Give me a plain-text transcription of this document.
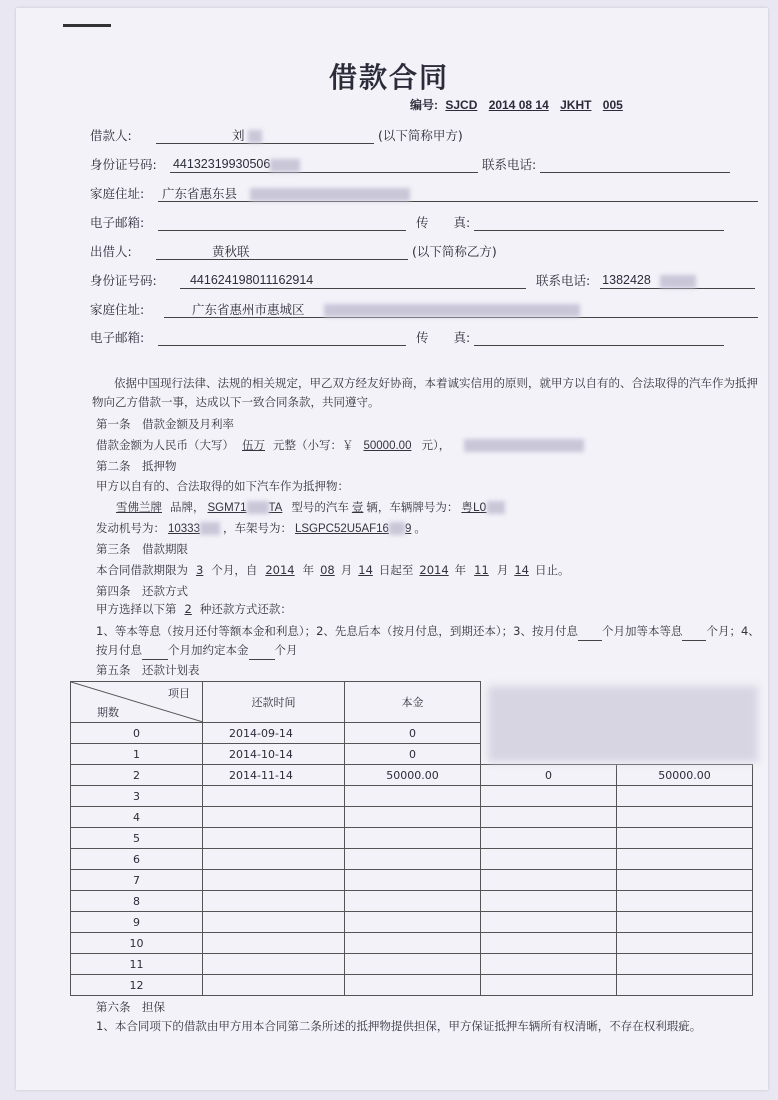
借款合同
编号: SJCD 2014 08 14 JKHT 005
借款人:	刘	(以下简称甲方)
身份证号码: 44132319930506	联系电话:
家庭住址: 广东省惠东县
电子邮箱:	传　　真:
出借人:	黄秋联	(以下简称乙方)
身份证号码:	441624198011162914	联系电话: 1382428
家庭住址:	广东省惠州市惠城区
电子邮箱:	传　　真:
依据中国现行法律、法规的相关规定，甲乙双方经友好协商，本着诚实信用的原则，就甲方以自有的、合法取得的汽车作为抵押
物向乙方借款一事，达成以下一致合同条款，共同遵守。
第一条　借款金额及月利率
借款金额为人民币（大写） 伍万 元整（小写：￥ 50000.00 元），
第二条　抵押物
甲方以自有的、合法取得的如下汽车作为抵押物：
雪佛兰牌 品牌， SGM71 TA 型号的汽车 壹 辆，车辆牌号为： 粤L0
发动机号为： 10333 ，车架号为： LSGPC52U5AF16 9 。
第三条　借款期限
本合同借款期限为 3 个月，自 2014 年 08 月 14 日起至 2014 年 11 月 14 日止。
第四条　还款方式
甲方选择以下第 2 种还款方式还款：
1、等本等息（按月还付等额本金和利息）；2、先息后本（按月付息，到期还本）；3、按月付息 个月加等本等息 个月；4、
按月付息 个月加约定本金 个月
第五条　还款计划表
项目
期数	还款时间	本金		
0	2014-09-14	0		
1	2014-10-14	0		
2	2014-11-14	50000.00	0	50000.00
3				
4				
5				
6				
7				
8				
9				
10				
11				
12				
第六条　担保
1、本合同项下的借款由甲方用本合同第二条所述的抵押物提供担保，甲方保证抵押车辆所有权清晰，不存在权利瑕疵。
